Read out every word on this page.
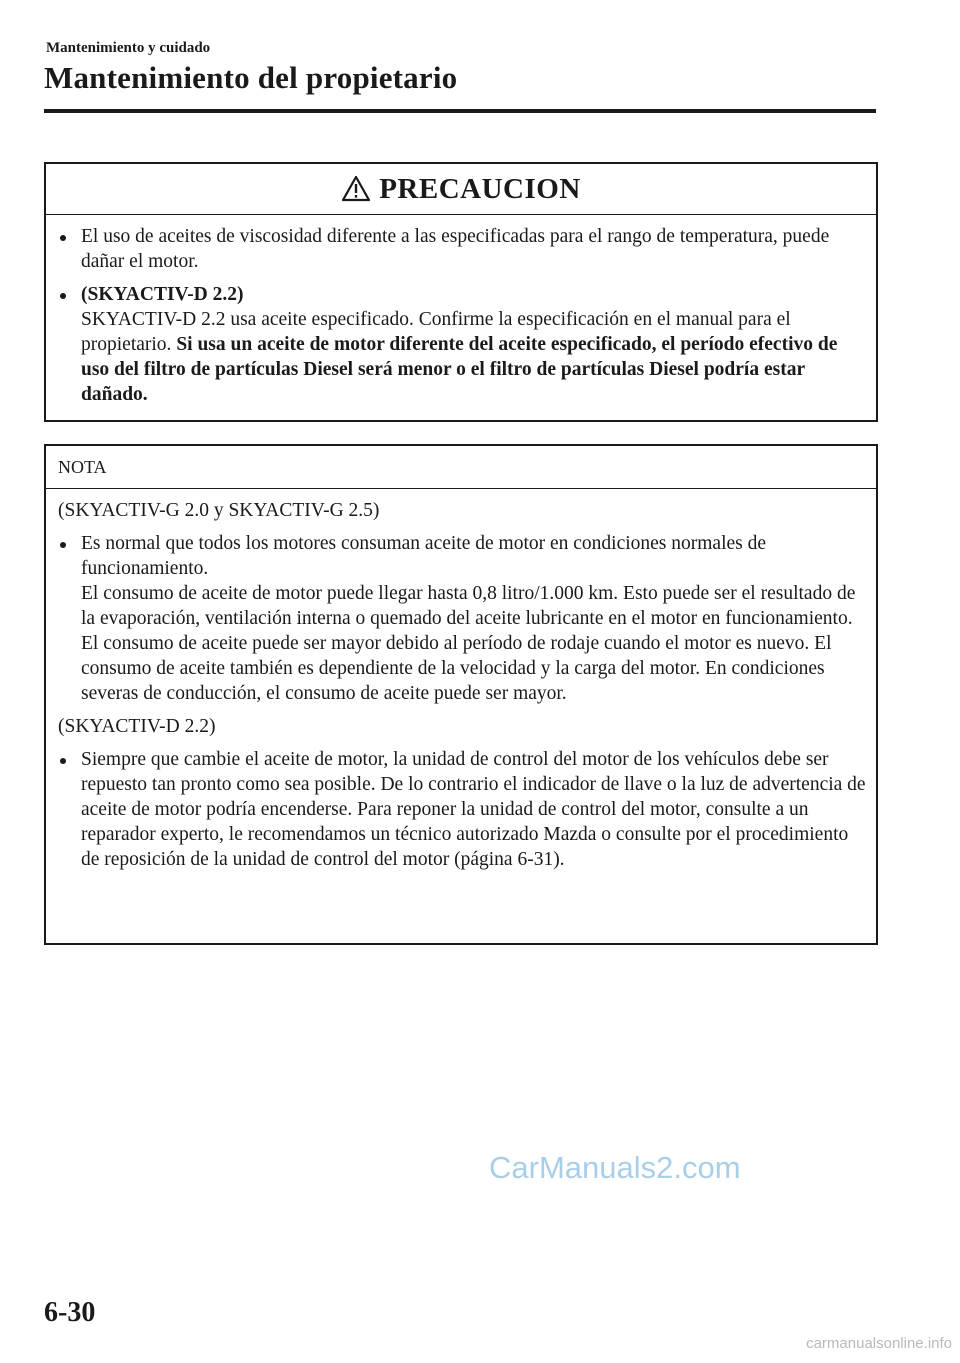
Mantenimiento y cuidado
Mantenimiento del propietario
PRECAUCION

El uso de aceites de viscosidad diferente a las especificadas para el rango de temperatura, puede dañar el motor.

(SKYACTIV-D 2.2)

SKYACTIV-D 2.2 usa aceite especificado. Confirme la especificación en el manual para el propietario. Si usa un aceite de motor diferente del aceite especificado, el período efectivo de uso del filtro de partículas Diesel será menor o el filtro de partículas Diesel podría estar dañado.

NOTA

(SKYACTIV-G 2.0 y SKYACTIV-G 2.5)

Es normal que todos los motores consuman aceite de motor en condiciones normales de funcionamiento.

El consumo de aceite de motor puede llegar hasta 0,8 litro/1.000 km. Esto puede ser el resultado de la evaporación, ventilación interna o quemado del aceite lubricante en el motor en funcionamiento. El consumo de aceite puede ser mayor debido al período de rodaje cuando el motor es nuevo. El consumo de aceite también es dependiente de la velocidad y la carga del motor. En condiciones severas de conducción, el consumo de aceite puede ser mayor.

(SKYACTIV-D 2.2)

Siempre que cambie el aceite de motor, la unidad de control del motor de los vehículos debe ser repuesto tan pronto como sea posible. De lo contrario el indicador de llave o la luz de advertencia de aceite de motor podría encenderse. Para reponer la unidad de control del motor, consulte a un reparador experto, le recomendamos un técnico autorizado Mazda o consulte por el procedimiento de reposición de la unidad de control del motor (página 6-31).

CarManuals2.com
6-30
carmanualsonline.info
